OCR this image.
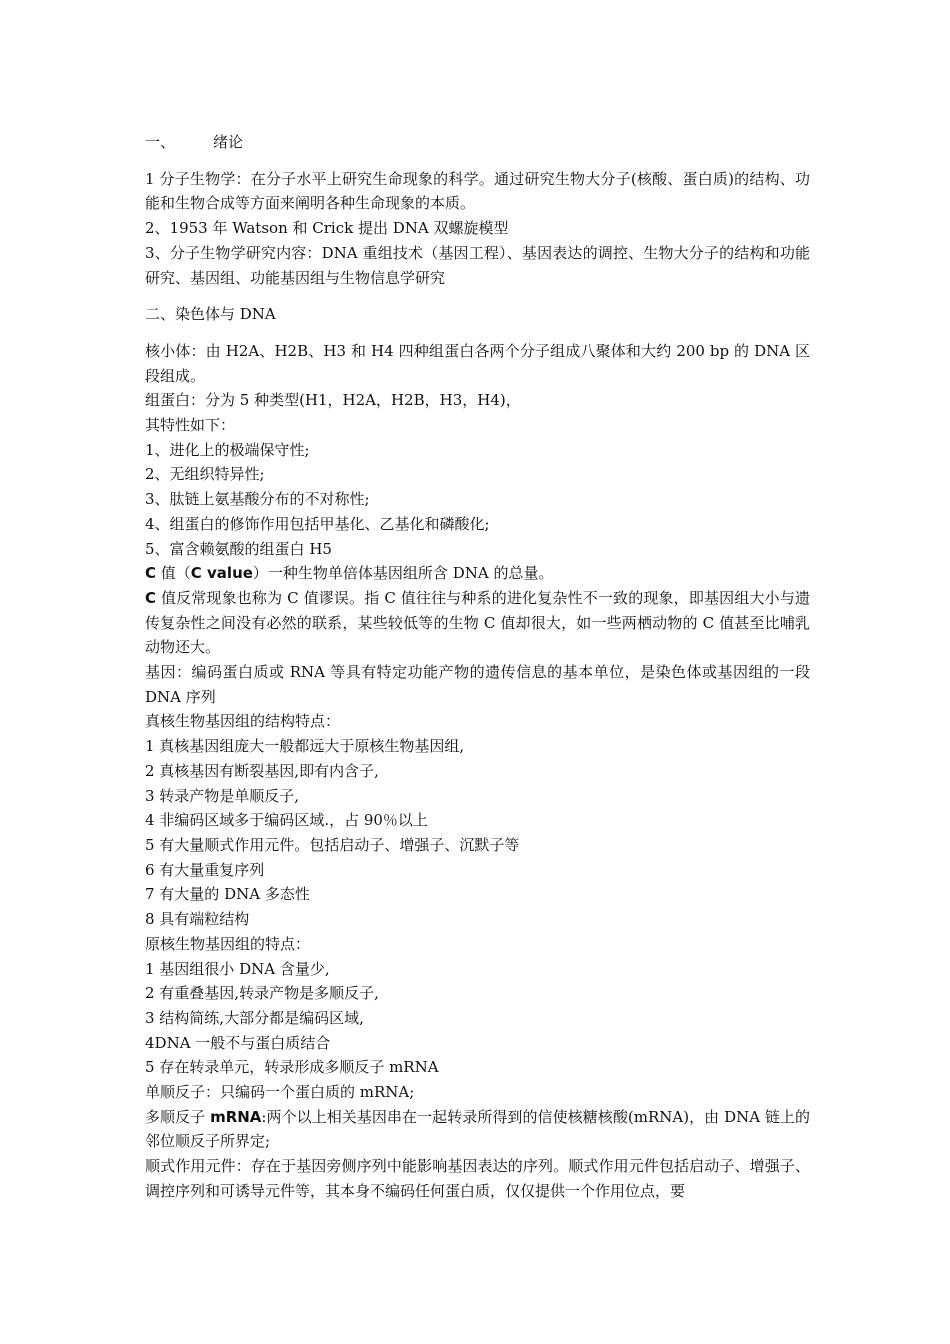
一、	绪论
1 分子生物学：在分子水平上研究生命现象的科学。通过研究生物大分子(核酸、蛋白质)的结构、功能和生物合成等方面来阐明各种生命现象的本质。
2、1953 年 Watson 和 Crick 提出 DNA 双螺旋模型
3、分子生物学研究内容：DNA 重组技术（基因工程）、基因表达的调控、生物大分子的结构和功能研究、基因组、功能基因组与生物信息学研究
二、染色体与 DNA
核小体：由 H2A、H2B、H3 和 H4 四种组蛋白各两个分子组成八聚体和大约 200 bp 的 DNA 区段组成。
组蛋白：分为 5 种类型(H1，H2A，H2B，H3，H4)，
其特性如下：
1、进化上的极端保守性;
2、无组织特异性;
3、肽链上氨基酸分布的不对称性;
4、组蛋白的修饰作用包括甲基化、乙基化和磷酸化;
5、富含赖氨酸的组蛋白 H5
C 值（C value）一种生物单倍体基因组所含 DNA 的总量。
C 值反常现象也称为 C 值谬误。指 C 值往往与种系的进化复杂性不一致的现象，即基因组大小与遗传复杂性之间没有必然的联系，某些较低等的生物 C 值却很大，如一些两栖动物的 C 值甚至比哺乳动物还大。
基因：编码蛋白质或 RNA 等具有特定功能产物的遗传信息的基本单位，是染色体或基因组的一段 DNA 序列
真核生物基因组的结构特点：
1 真核基因组庞大一般都远大于原核生物基因组,
2 真核基因有断裂基因,即有内含子,
3 转录产物是单顺反子,
4 非编码区域多于编码区域.，占 90％以上
5 有大量顺式作用元件。包括启动子、增强子、沉默子等
6 有大量重复序列
7 有大量的 DNA 多态性
8 具有端粒结构
原核生物基因组的特点：
1 基因组很小 DNA 含量少,
2 有重叠基因,转录产物是多顺反子,
3 结构简练,大部分都是编码区域,
4DNA 一般不与蛋白质结合
5 存在转录单元，转录形成多顺反子 mRNA
单顺反子：只编码一个蛋白质的 mRNA;
多顺反子 mRNA:两个以上相关基因串在一起转录所得到的信使核糖核酸(mRNA)，由 DNA 链上的邻位顺反子所界定;
顺式作用元件：存在于基因旁侧序列中能影响基因表达的序列。顺式作用元件包括启动子、增强子、调控序列和可诱导元件等，其本身不编码任何蛋白质，仅仅提供一个作用位点，要
